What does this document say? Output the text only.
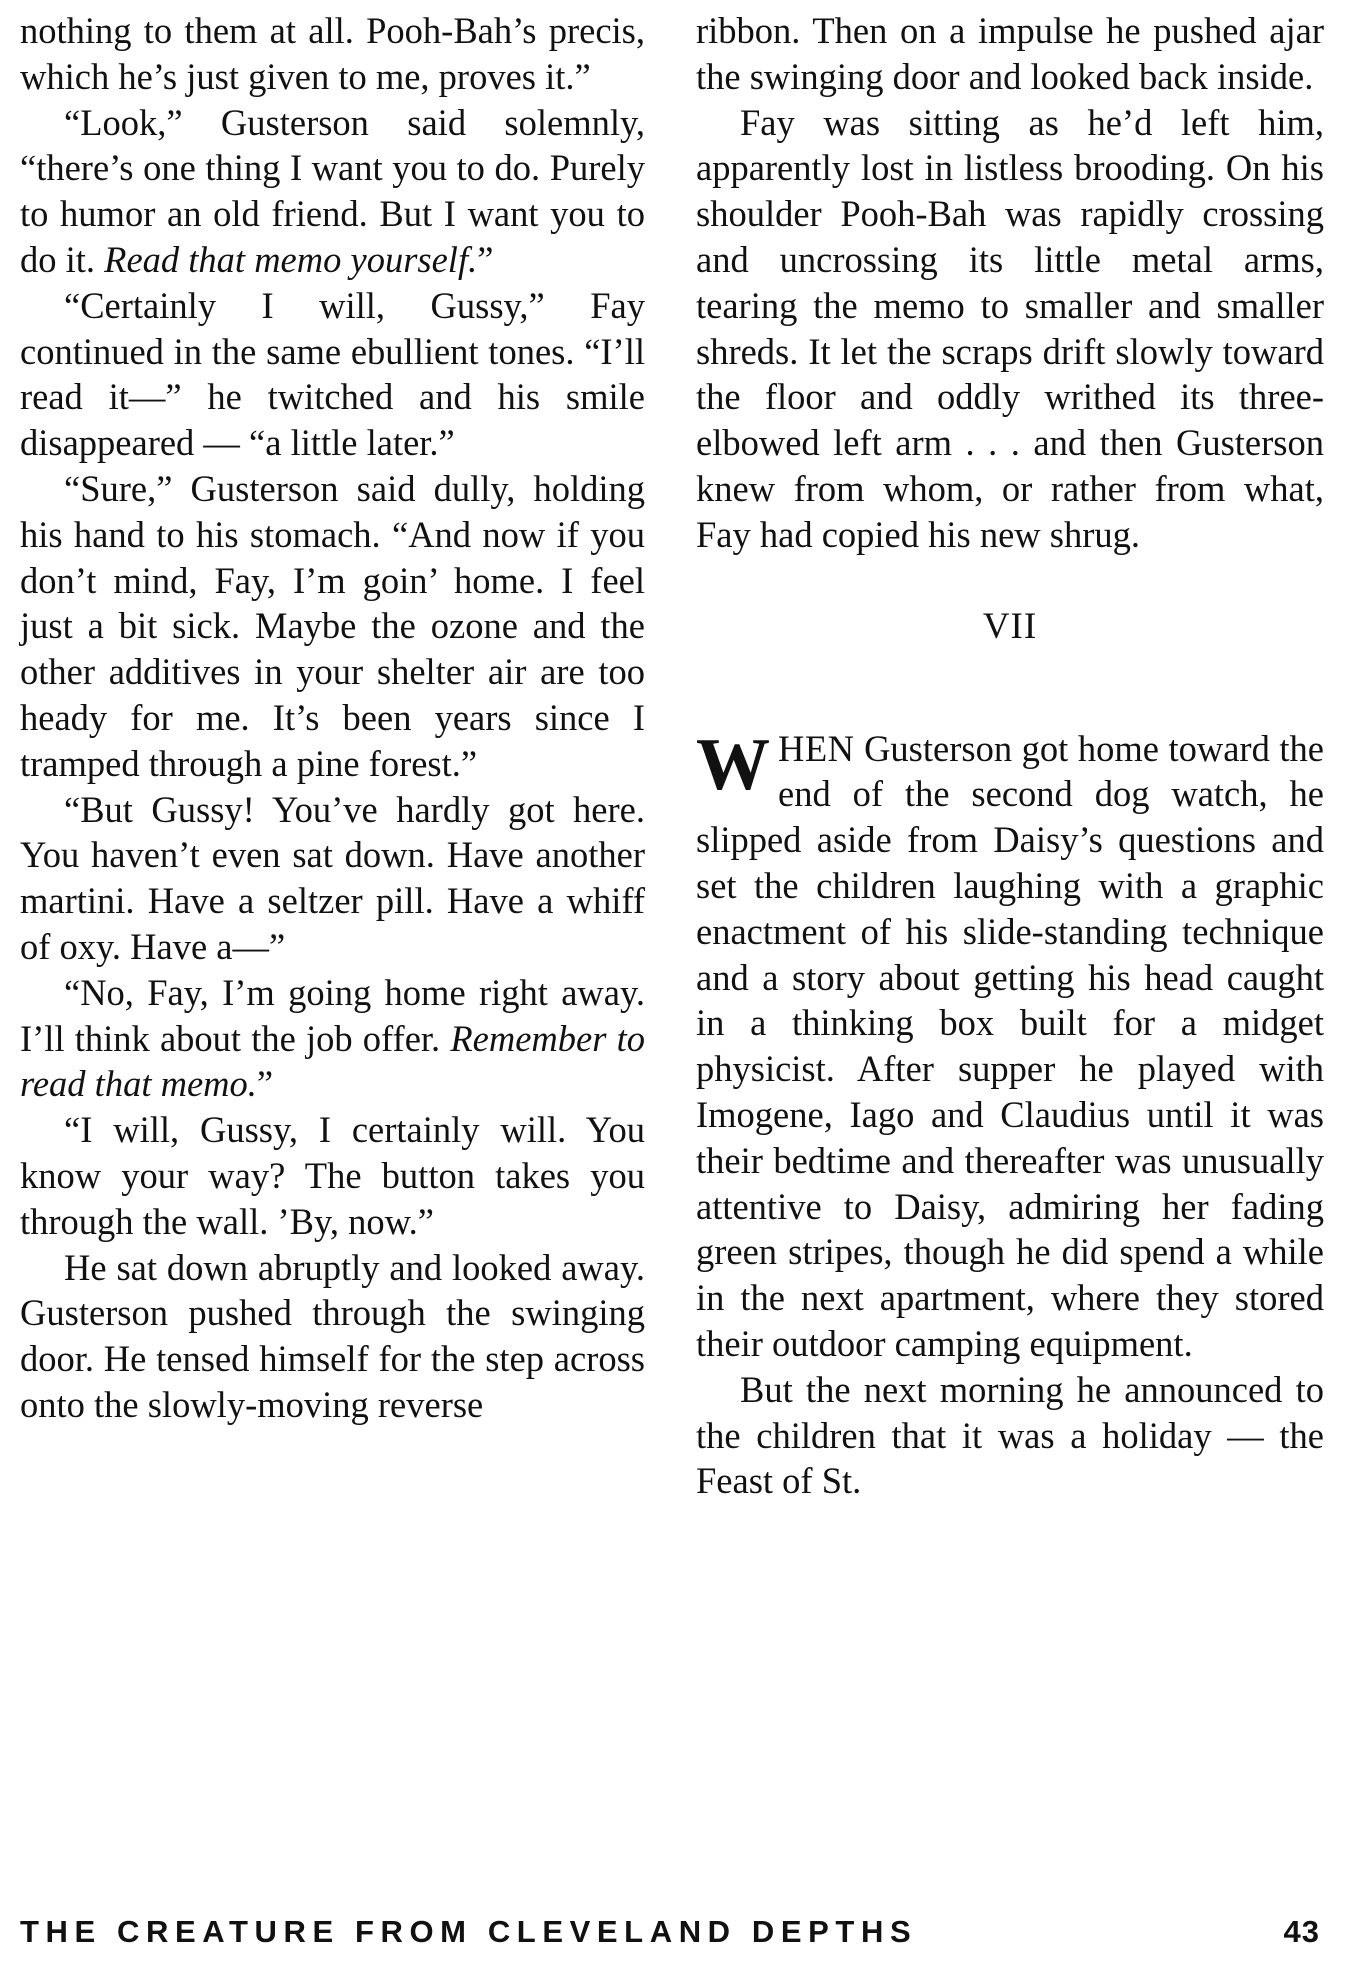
nothing to them at all. Pooh-Bah’s precis, which he’s just given to me, proves it.”

“Look,” Gusterson said solemnly, “there’s one thing I want you to do. Purely to humor an old friend. But I want you to do it. Read that memo yourself.”

“Certainly I will, Gussy,” Fay continued in the same ebullient tones. “I’ll read it—” he twitched and his smile disappeared — “a little later.”

“Sure,” Gusterson said dully, holding his hand to his stomach. “And now if you don’t mind, Fay, I’m goin’ home. I feel just a bit sick. Maybe the ozone and the other additives in your shelter air are too heady for me. It’s been years since I tramped through a pine forest.”

“But Gussy! You’ve hardly got here. You haven’t even sat down. Have another martini. Have a seltzer pill. Have a whiff of oxy. Have a—”

“No, Fay, I’m going home right away. I’ll think about the job offer. Remember to read that memo.”

“I will, Gussy, I certainly will. You know your way? The button takes you through the wall. ’By, now.”

He sat down abruptly and looked away. Gusterson pushed through the swinging door. He tensed himself for the step across onto the slowly-moving reverse

ribbon. Then on a impulse he pushed ajar the swinging door and looked back inside.

Fay was sitting as he’d left him, apparently lost in listless brooding. On his shoulder Pooh-Bah was rapidly crossing and uncrossing its little metal arms, tearing the memo to smaller and smaller shreds. It let the scraps drift slowly toward the floor and oddly writhed its three-elbowed left arm . . . and then Gusterson knew from whom, or rather from what, Fay had copied his new shrug.

VII

WHEN Gusterson got home toward the end of the second dog watch, he slipped aside from Daisy’s questions and set the children laughing with a graphic enactment of his slide-standing technique and a story about getting his head caught in a thinking box built for a midget physicist. After supper he played with Imogene, Iago and Claudius until it was their bedtime and thereafter was unusually attentive to Daisy, admiring her fading green stripes, though he did spend a while in the next apartment, where they stored their outdoor camping equipment.

But the next morning he announced to the children that it was a holiday — the Feast of St.

THE CREATURE FROM CLEVELAND DEPTHS	43
